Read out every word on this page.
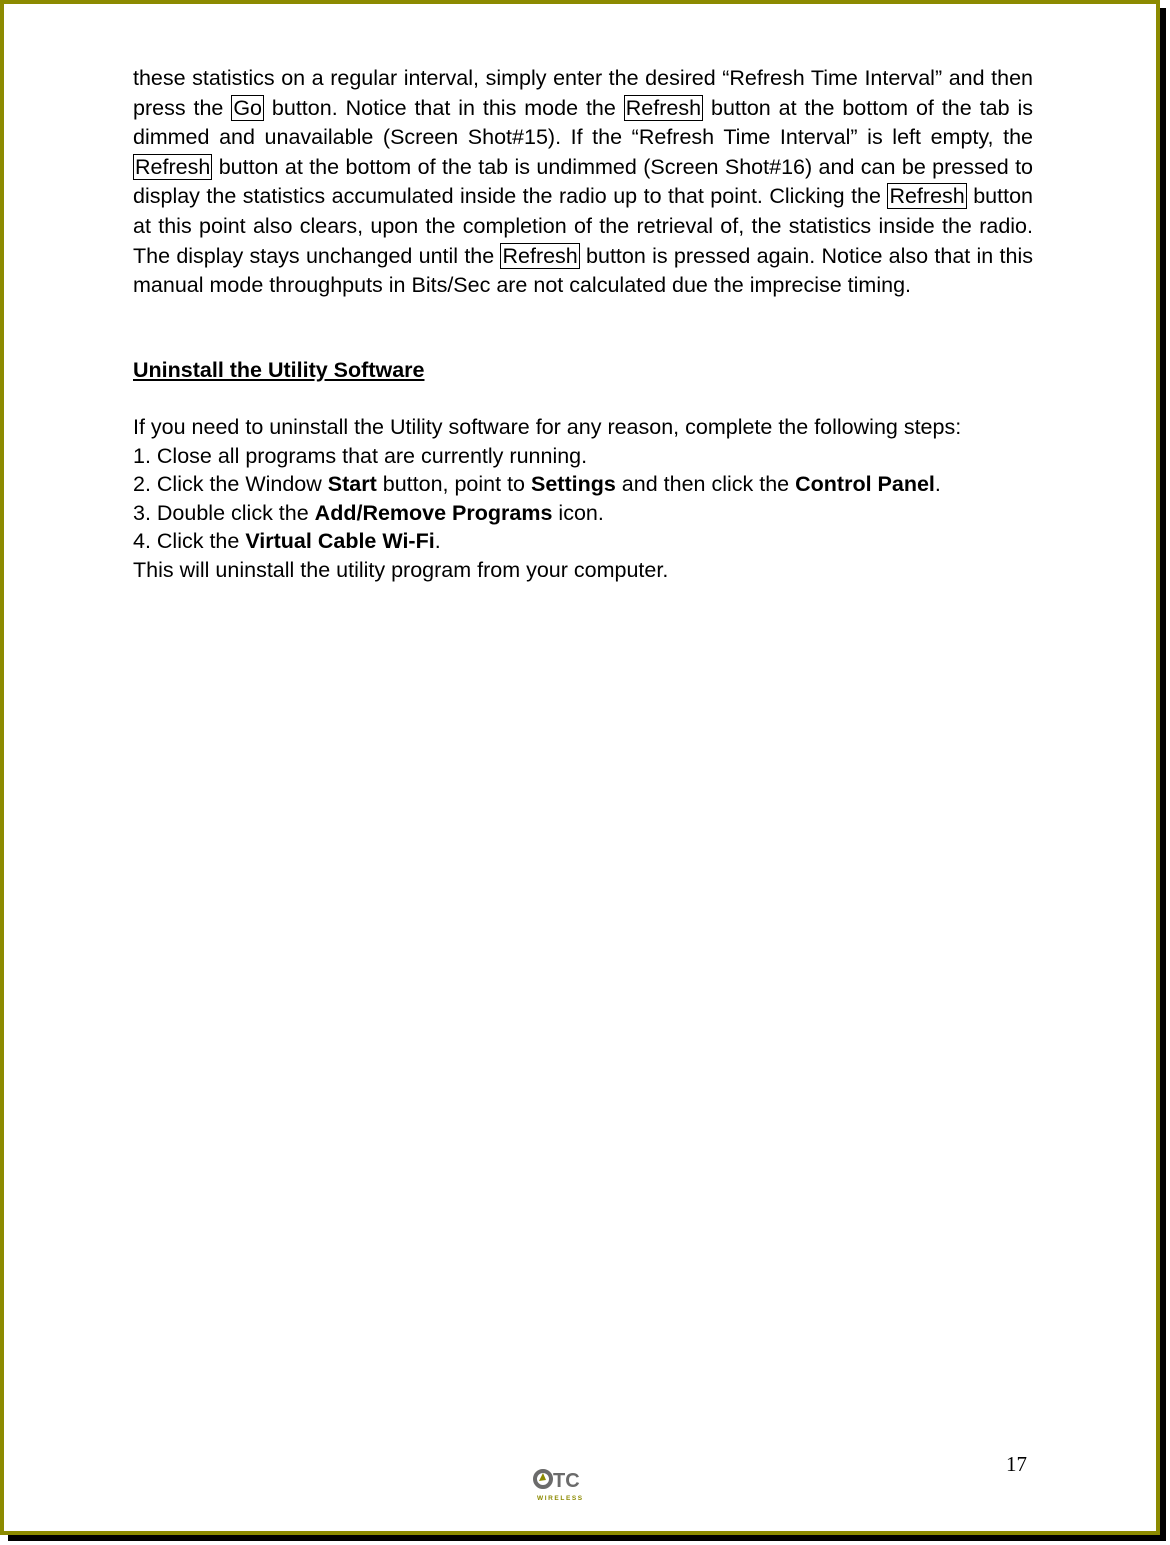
these statistics on a regular interval, simply enter the desired “Refresh Time Interval” and then press the Go button. Notice that in this mode the Refresh button at the bottom of the tab is dimmed and unavailable (Screen Shot#15). If the “Refresh Time Interval” is left empty, the Refresh button at the bottom of the tab is undimmed (Screen Shot#16) and can be pressed to display the statistics accumulated inside the radio up to that point. Clicking the Refresh button at this point also clears, upon the completion of the retrieval of, the statistics inside the radio. The display stays unchanged until the Refresh button is pressed again. Notice also that in this manual mode throughputs in Bits/Sec are not calculated due the imprecise timing.

Uninstall the Utility Software

If you need to uninstall the Utility software for any reason, complete the following steps:

1. Close all programs that are currently running.

2. Click the Window Start button, point to Settings and then click the Control Panel.

3. Double click the Add/Remove Programs icon.

4. Click the Virtual Cable Wi-Fi.

This will uninstall the utility program from your computer.

17
TC
WIRELESS
